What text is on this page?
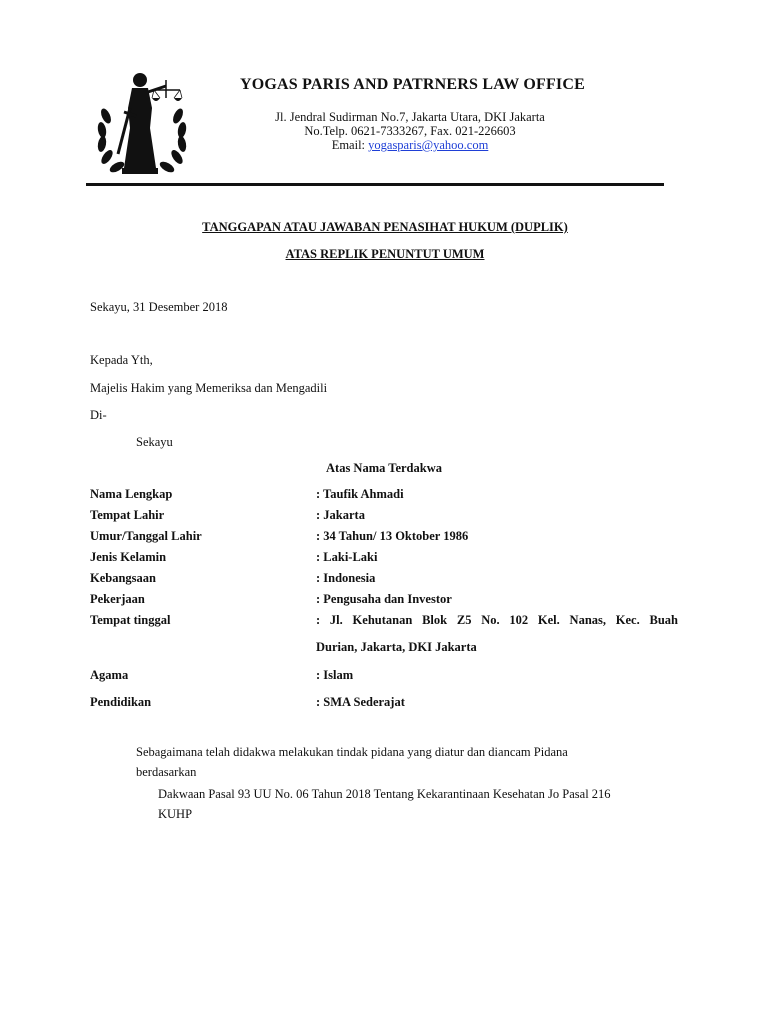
YOGAS PARIS AND PATRNERS LAW OFFICE
Jl. Jendral Sudirman No.7, Jakarta Utara, DKI Jakarta
No.Telp. 0621-7333267, Fax. 021-226603
Email: yogasparis@yahoo.com
TANGGAPAN ATAU JAWABAN PENASIHAT HUKUM (DUPLIK)
ATAS REPLIK PENUNTUT UMUM
Sekayu, 31 Desember 2018
Kepada Yth,
Majelis Hakim yang Memeriksa dan Mengadili
Di-
Sekayu
Atas Nama Terdakwa
Nama Lengkap	: Taufik Ahmadi
Tempat Lahir	: Jakarta
Umur/Tanggal Lahir	: 34 Tahun/ 13 Oktober 1986
Jenis Kelamin	: Laki-Laki
Kebangsaan	: Indonesia
Pekerjaan	: Pengusaha dan Investor
Tempat tinggal	: Jl. Kehutanan Blok Z5 No. 102 Kel. Nanas, Kec. Buah
Durian, Jakarta, DKI Jakarta
Agama	: Islam
Pendidikan	: SMA Sederajat
Sebagaimana telah didakwa melakukan tindak pidana yang diatur dan diancam Pidana
berdasarkan
Dakwaan Pasal 93 UU No. 06 Tahun 2018 Tentang Kekarantinaan Kesehatan Jo Pasal 216
KUHP
